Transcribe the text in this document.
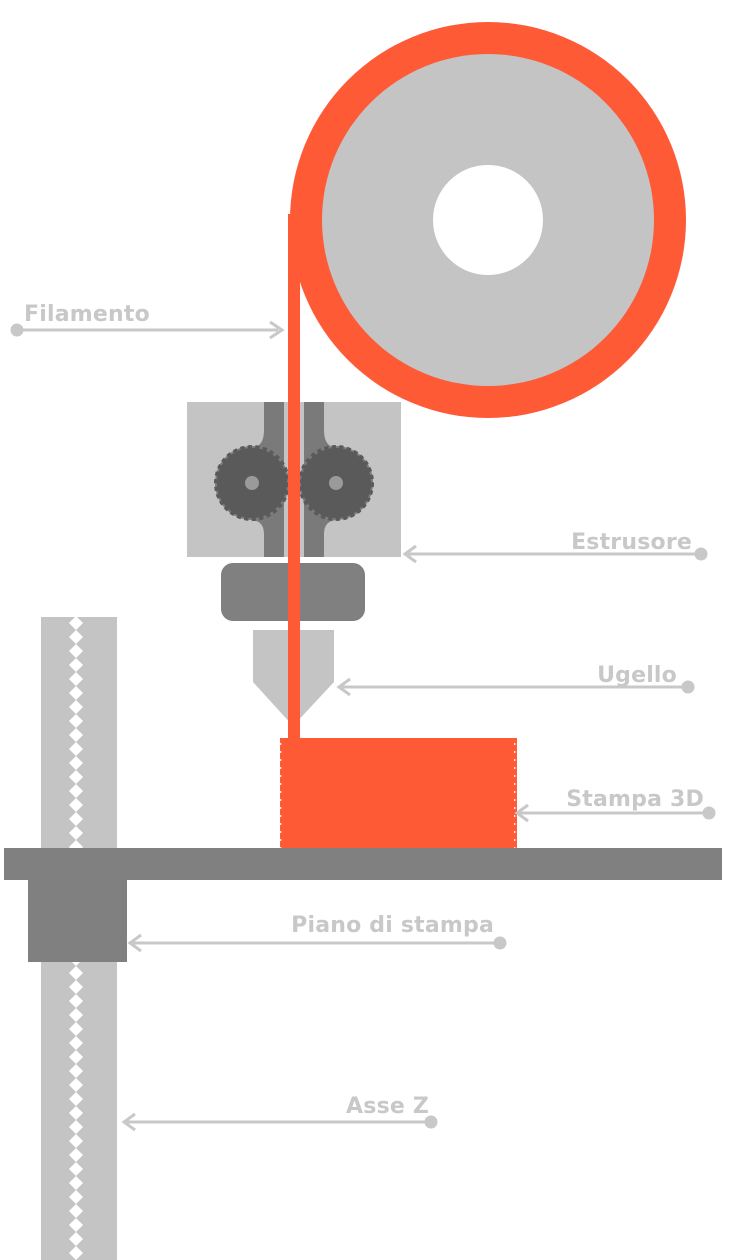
Filamento
Estrusore
Ugello
Stampa 3D
Piano di stampa
Asse Z
